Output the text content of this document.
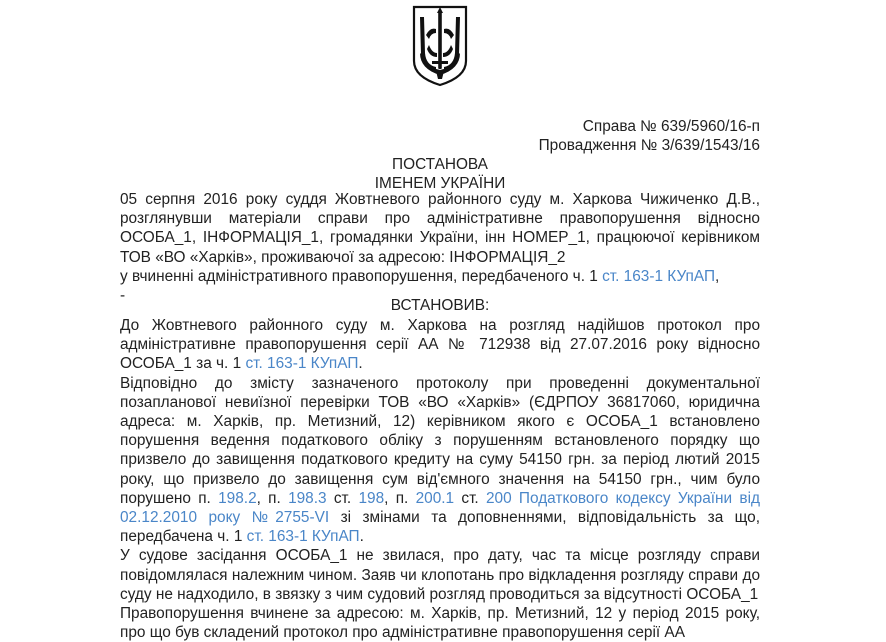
Справа № 639/5960/16-п
Провадження № 3/639/1543/16
ПОСТАНОВА
ІМЕНЕМ УКРАЇНИ

05 серпня 2016 року суддя Жовтневого районного суду м. Харкова Чижиченко Д.В., розглянувши матеріали справи про адміністративне правопорушення відносно ОСОБА_1, ІНФОРМАЦІЯ_1, громадянки України, інн НОМЕР_1, працюючої керівником ТОВ «ВО «Харків», проживаючої за адресою: ІНФОРМАЦІЯ_2

у вчиненні адміністративного правопорушення, передбаченого ч. 1 ст. 163-1 КУпАП,

-

ВСТАНОВИВ:

До Жовтневого районного суду м. Харкова на розгляд надійшов протокол про адміністративне правопорушення серії АА № 712938 від 27.07.2016 року відносно ОСОБА_1 за ч. 1 ст. 163-1 КУпАП.

Відповідно до змісту зазначеного протоколу при проведенні документальної позапланової невиїзної перевірки ТОВ «ВО «Харків» (ЄДРПОУ 36817060, юридична адреса: м. Харків, пр. Метизний, 12) керівником якого є ОСОБА_1 встановлено порушення ведення податкового обліку з порушенням встановленого порядку що призвело до завищення податкового кредиту на суму 54150 грн. за період лютий 2015 року, що призвело до завищення сум від'ємного значення на 54150 грн., чим було порушено п. 198.2, п. 198.3 ст. 198, п. 200.1 ст. 200 Податкового кодексу України від 02.12.2010 року №2755-VI зі змінами та доповненнями, відповідальність за що, передбачена ч. 1 ст. 163-1 КУпАП.

У судове засідання ОСОБА_1 не звилася, про дату, час та місце розгляду справи повідомлялася належним чином. Заяв чи клопотань про відкладення розгляду справи до суду не надходило, в звязку з чим судовий розгляд проводиться за відсутності ОСОБА_1

Правопорушення вчинене за адресою: м. Харків, пр. Метизний, 12 у період 2015 року, про що був складений протокол про адміністративне правопорушення серії АА
